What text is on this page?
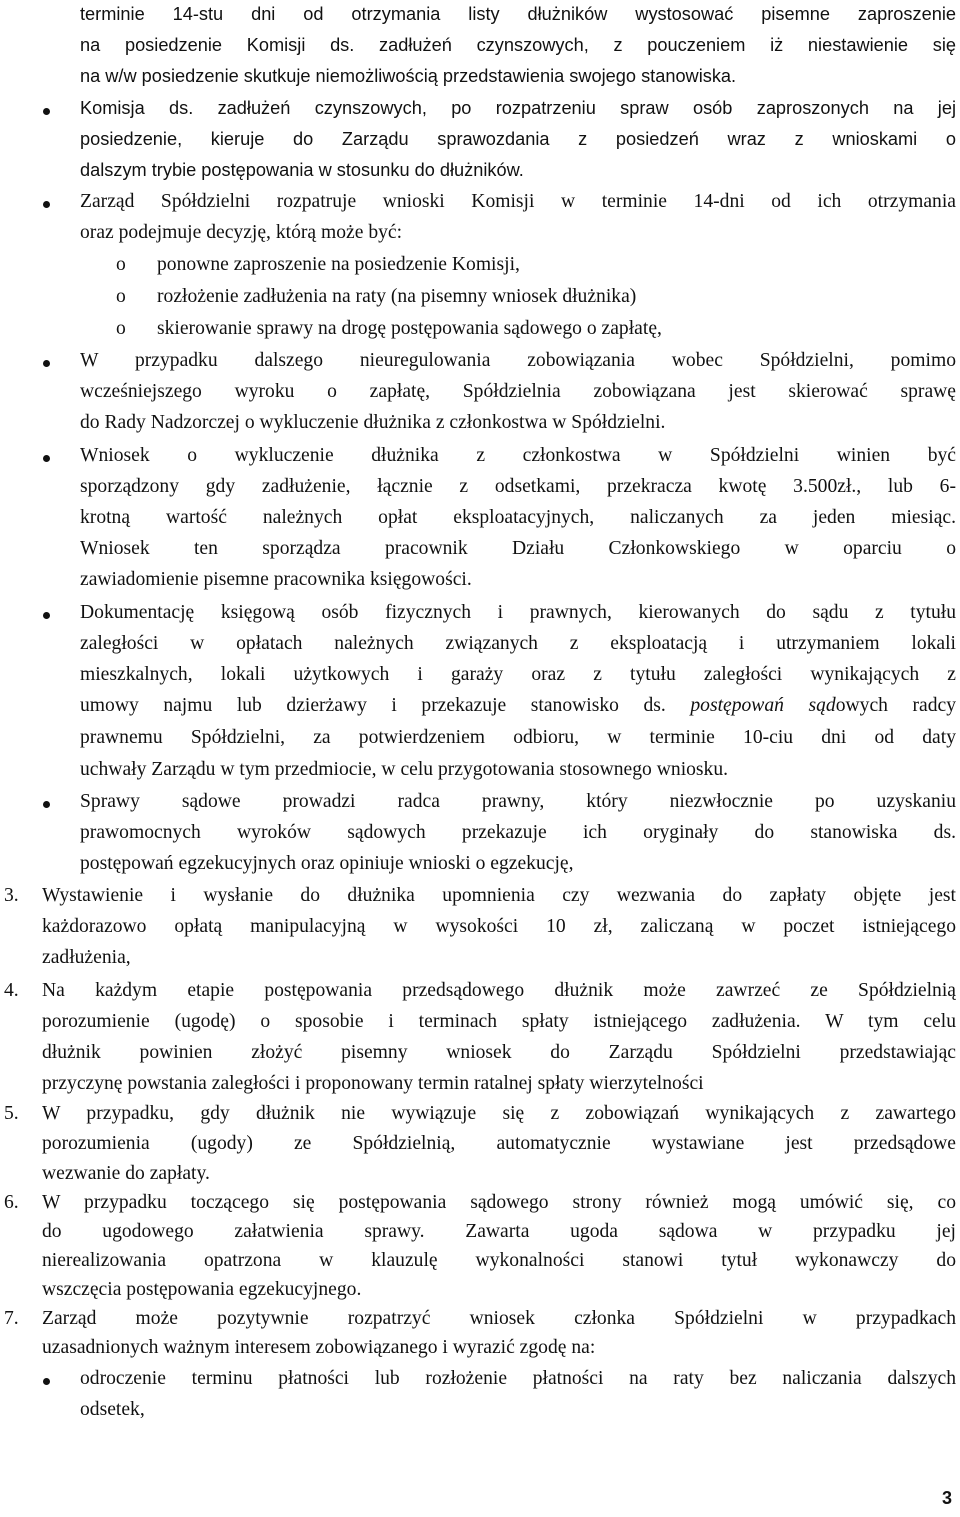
terminie 14-stu dni od otrzymania listy dłużników wystosować pisemne zaproszenie
na posiedzenie Komisji ds. zadłużeń czynszowych, z pouczeniem iż niestawienie się
na w/w posiedzenie skutkuje niemożliwością przedstawienia swojego stanowiska.
Komisja ds. zadłużeń czynszowych, po rozpatrzeniu spraw osób zaproszonych na jej
posiedzenie, kieruje do Zarządu sprawozdania z posiedzeń wraz z wnioskami o
dalszym trybie postępowania w stosunku do dłużników.
Zarząd Spółdzielni rozpatruje wnioski Komisji w terminie 14-dni od ich otrzymania
oraz podejmuje decyzję, którą może być:
o ponowne zaproszenie na posiedzenie Komisji,
o rozłożenie zadłużenia na raty (na pisemny wniosek dłużnika)
o skierowanie sprawy na drogę postępowania sądowego o zapłatę,
W przypadku dalszego nieuregulowania zobowiązania wobec Spółdzielni, pomimo
wcześniejszego wyroku o zapłatę, Spółdzielnia zobowiązana jest skierować sprawę
do Rady Nadzorczej o wykluczenie dłużnika z członkostwa w Spółdzielni.
Wniosek o wykluczenie dłużnika z członkostwa w Spółdzielni winien być
sporządzony gdy zadłużenie, łącznie z odsetkami, przekracza kwotę 3.500zł., lub 6-
krotną wartość należnych opłat eksploatacyjnych, naliczanych za jeden miesiąc.
Wniosek ten sporządza pracownik Działu Członkowskiego w oparciu o
zawiadomienie pisemne pracownika księgowości.
Dokumentację księgową osób fizycznych i prawnych, kierowanych do sądu z tytułu
zaległości w opłatach należnych związanych z eksploatacją i utrzymaniem lokali
mieszkalnych, lokali użytkowych i garaży oraz z tytułu zaległości wynikających z
umowy najmu lub dzierżawy i przekazuje stanowisko ds. postępowań sądowych radcy
prawnemu Spółdzielni, za potwierdzeniem odbioru, w terminie 10-ciu dni od daty
uchwały Zarządu w tym przedmiocie, w celu przygotowania stosownego wniosku.
Sprawy sądowe prowadzi radca prawny, który niezwłocznie po uzyskaniu
prawomocnych wyroków sądowych przekazuje ich oryginały do stanowiska ds.
postępowań egzekucyjnych oraz opiniuje wnioski o egzekucję,
3. Wystawienie i wysłanie do dłużnika upomnienia czy wezwania do zapłaty objęte jest
każdorazowo opłatą manipulacyjną w wysokości 10 zł, zaliczaną w poczet istniejącego
zadłużenia,
4. Na każdym etapie postępowania przedsądowego dłużnik może zawrzeć ze Spółdzielnią
porozumienie (ugodę) o sposobie i terminach spłaty istniejącego zadłużenia. W tym celu
dłużnik powinien złożyć pisemny wniosek do Zarządu Spółdzielni przedstawiając
przyczynę powstania zaległości i proponowany termin ratalnej spłaty wierzytelności
5. W przypadku, gdy dłużnik nie wywiązuje się z zobowiązań wynikających z zawartego
porozumienia (ugody) ze Spółdzielnią, automatycznie wystawiane jest przedsądowe
wezwanie do zapłaty.
6. W przypadku toczącego się postępowania sądowego strony również mogą umówić się, co
do ugodowego załatwienia sprawy. Zawarta ugoda sądowa w przypadku jej
nierealizowania opatrzona w klauzulę wykonalności stanowi tytuł wykonawczy do
wszczęcia postępowania egzekucyjnego.
7. Zarząd może pozytywnie rozpatrzyć wniosek członka Spółdzielni w przypadkach
uzasadnionych ważnym interesem zobowiązanego i wyrazić zgodę na:
odroczenie terminu płatności lub rozłożenie płatności na raty bez naliczania dalszych
odsetek,
3
